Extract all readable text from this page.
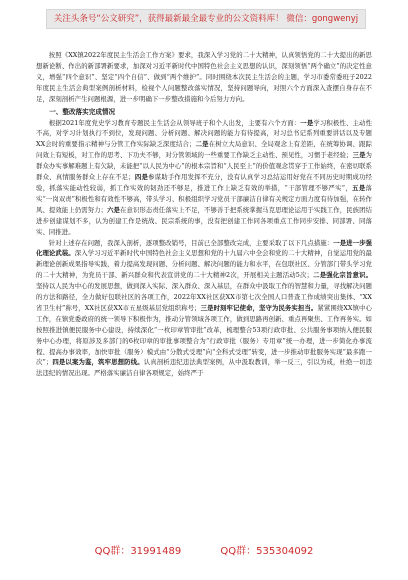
关注头条号“公文研究”，获得最新最全最专业的公文资料库！ 微信：gongwenyj

按照《XX镇2022年度民主生活会工作方案》要求，我深入学习党的二十大精神，认真领悟党的二十大提出的新思想新论断、作出的新部署新要求，加深对习近平新时代中国特色社会主义思想的认识，深刻领悟“两个确立”的决定性意义，增强“四个意识”、坚定“四个自信”、做到“两个维护”。同时围绕本次民主生活会的主题，学习市委常委班子2022年度民主生活会典型案例剖析材料，检视个人问题整改落实情况，坚持问题导向，对照六个方面深入查摆自身存在不足，深刻剖析产生问题根源，进一步明确下一步整改措施和今后努力方向。

一、整改落实完成情况

根据2021年度党史学习教育专题民主生活会从领导班子和个人出发，主要有六个方面：一是学习积极性、主动性不高，对学习计划执行不到位，发现问题、分析问题、解决问题的能力有待提高，对习总书记系列重要讲话以及专题XX会时的重要指示精神与分管工作实际缺乏深度结合；二是在树立大局意识、全局观念上有差距，在统筹协调、跟踪问效上有短板，对工作的思考、下功夫不够，对分管领域的一些重要工作缺乏主动性、预见性，习惯于老经验；三是为群众办实事解难题上有欠缺，未能把“以人民为中心”的根本宗旨和“人民至上”的价值观念贯穿于工作始终，在密切联系群众、真情服务群众上存在不足；四是参谋助手作用发挥不充分，没有认真学习总结运用好党在不同历史时期成功经验，抓落实能动性较弱，抓工作实效的韧劲还不够足，推进工作上缺乏有效的举措，“干部管理不够严实”，五是落实“一岗双责”积极性和有效性不够高，带头学习、积极组织学习党员干部廉洁自律有关规定方面力度有待加强，在转作风、提效能上仍需努力；六是在意识形态责任落实上不足，不够善于把系统掌握马克思理论运用于实践工作，民族团结进步创建谋划不多，认为创建工作是统战、民宗系统的事，没有把创建工作同各项重点工作同步安排、同部署、同落实、同推进。

针对上述存在问题，我深入剖析，逐项整改销号，目前已全部整改完成，主要采取了以下几点措施：一是进一步强化理论武装。深入学习习近平新时代中国特色社会主义思想和党的十九届六中全会和党的二十大精神，自觉运用党的最新理论创新成果指导实践，着力提高发现问题、分析问题、解决问题的能力和水平，在包联社区、分管部门带头学习党的二十大精神，为党员干部、新兴群众和代表宣讲党的二十大精神2次，开展相关主题活动5次；二是强化宗旨意识。坚持以人民为中心的发展思想，做到深入实际、深入群众、深入基层，在群众中汲取工作的智慧和力量，寻找解决问题的方法和路径，全力做好包联社区的各项工作，2022年XX社区获XX市第七次全国人口普查工作成绩突出集体、“XX省卫生村”称号，XX社区获XX市五星级基层党组织称号；三是时刻牢记使命，坚守为民务实担当。紧紧围绕XX镇中心工作，在镇党委政府的统一领导下积极作为，推动分管领域各项工作，做到思路再创新、重点再聚焦、工作再务实。如按照推进镇便民服务中心建设，持续深化“一枚印章管审批”改革，梳理整合53项行政审批、公共服务事项纳入便民服务中心办理，将原涉及多部门的6枚印章的审批事项整合为“行政审批（服务）专用章”统一办理，进一步简化办事流程、提高办事效率，加快审批（服务）模式由“分散式受理”向“全科式受理”转变，进一步推动审批服务实现“最多跑一次”；四是以案为鉴，筑牢思想防线。认真剖析违纪违法典型案例，从中汲取教训，举一反三，引以为戒，杜绝一切违法违纪的情况出现。严格落实廉洁自律各项规定，始终严于

QQ群：31991489	QQ群：535304092
